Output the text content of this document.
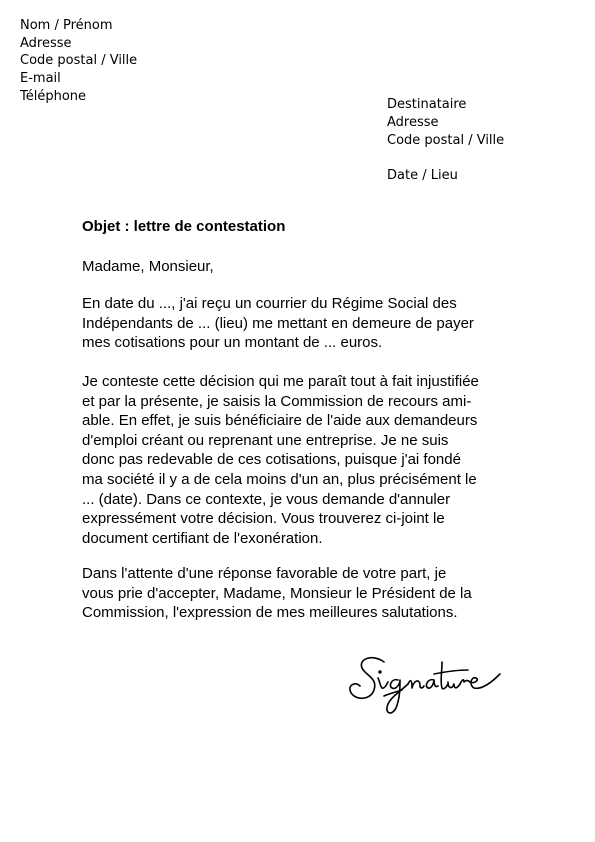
Nom / Prénom
Adresse
Code postal / Ville
E-mail
Téléphone
Destinataire
Adresse
Code postal / Ville
Date / Lieu
Objet : lettre de contestation
Madame, Monsieur,
En date du ..., j'ai reçu un courrier du Régime Social des
Indépendants de ... (lieu) me mettant en demeure de payer
mes cotisations pour un montant de ... euros.
Je conteste cette décision qui me paraît tout à fait injustifiée
et par la présente, je saisis la Commission de recours ami-
able. En effet, je suis bénéficiaire de l'aide aux demandeurs
d'emploi créant ou reprenant une entreprise. Je ne suis
donc pas redevable de ces cotisations, puisque j'ai fondé
ma société il y a de cela moins d'un an, plus précisément le
... (date). Dans ce contexte, je vous demande d'annuler
expressément votre décision. Vous trouverez ci-joint le
document certifiant de l'exonération.
Dans l'attente d'une réponse favorable de votre part, je
vous prie d'accepter, Madame, Monsieur le Président de la
Commission, l'expression de mes meilleures salutations.
